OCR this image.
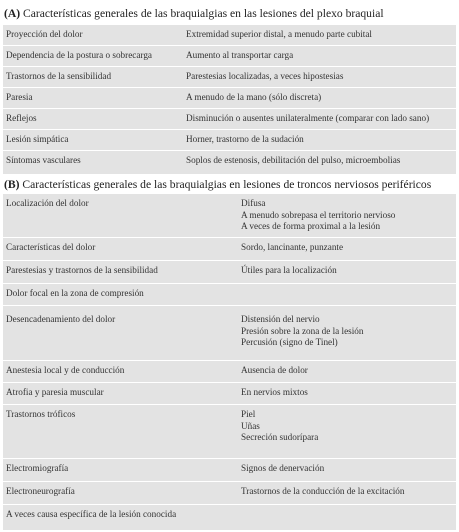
(A) Características generales de las braquialgias en las lesiones del plexo braquial
Proyección del dolor	Extremidad superior distal, a menudo parte cubital
Dependencia de la postura o sobrecarga	Aumento al transportar carga
Trastornos de la sensibilidad	Parestesias localizadas, a veces hipostesias
Paresia	A menudo de la mano (sólo discreta)
Reflejos	Disminución o ausentes unilateralmente (comparar con lado sano)
Lesión simpática	Horner, trastorno de la sudación
Síntomas vasculares	Soplos de estenosis, debilitación del pulso, microembolias
(B) Características generales de las braquialgias en lesiones de troncos nerviosos periféricos
Localización del dolor	Difusa
A menudo sobrepasa el territorio nervioso
A veces de forma proximal a la lesión
Características del dolor	Sordo, lancinante, punzante
Parestesias y trastornos de la sensibilidad	Útiles para la localización
Dolor focal en la zona de compresión
Desencadenamiento del dolor	Distensión del nervio
Presión sobre la zona de la lesión
Percusión (signo de Tinel)
Anestesia local y de conducción	Ausencia de dolor
Atrofia y paresia muscular	En nervios mixtos
Trastornos tróficos	Piel
Uñas
Secreción sudorípara
Electromiografía	Signos de denervación
Electroneurografía	Trastornos de la conducción de la excitación
A veces causa específica de la lesión conocida
